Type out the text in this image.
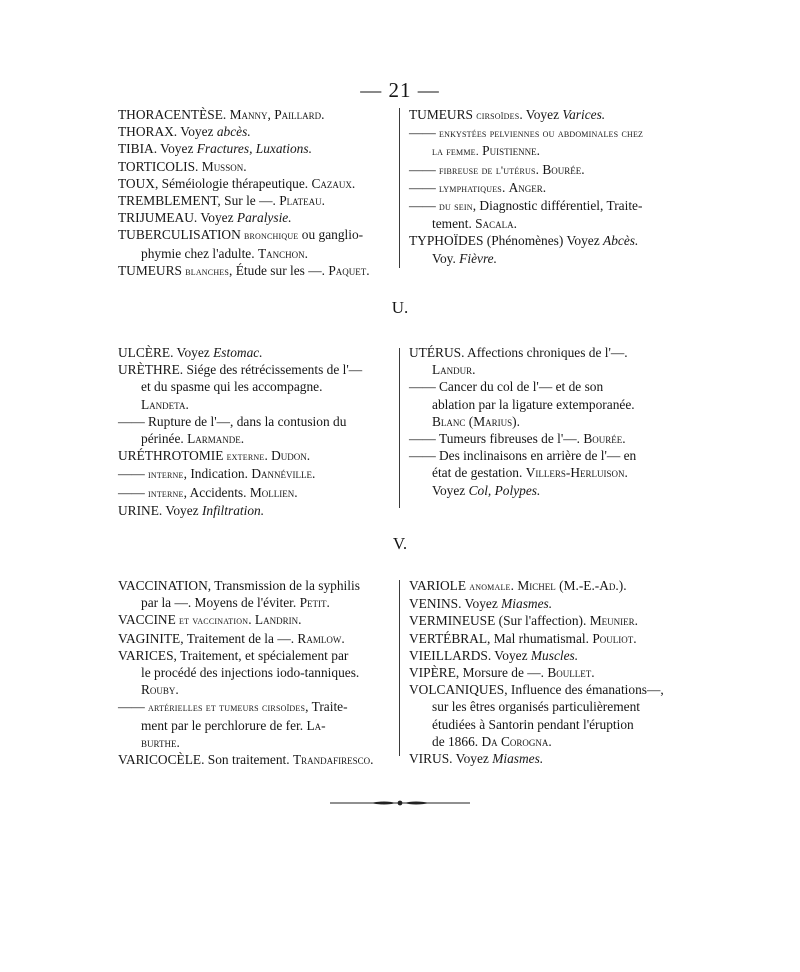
— 21 —
THORACENTÈSE. Manny, Paillard.
THORAX. Voyez abcès.
TIBIA. Voyez Fractures, Luxations.
TORTICOLIS. Musson.
TOUX, Séméiologie thérapeutique. Cazaux.
TREMBLEMENT, Sur le —. Plateau.
TRIJUMEAU. Voyez Paralysie.
TUBERCULISATION bronchique ou ganglio-
phymie chez l'adulte. Tanchon.
TUMEURS blanches, Étude sur les —. Paquet.
TUMEURS cirsoïdes. Voyez Varices.
—— enkystées pelviennes ou abdominales chez
la femme. Puistienne.
—— fibreuse de l'utérus. Bourée.
—— lymphatiques. Anger.
—— du sein, Diagnostic différentiel, Traite-
tement. Sacala.
TYPHOÏDES (Phénomènes) Voyez Abcès.
Voy. Fièvre.
U.
ULCÈRE. Voyez Estomac.
URÈTHRE. Siége des rétrécissements de l'—
et du spasme qui les accompagne.
Landeta.
—— Rupture de l'—, dans la contusion du
périnée. Larmande.
URÉTHROTOMIE externe. Dudon.
—— interne, Indication. Dannéville.
—— interne, Accidents. Mollien.
URINE. Voyez Infiltration.
UTÉRUS. Affections chroniques de l'—.
Landur.
—— Cancer du col de l'— et de son
ablation par la ligature extemporanée.
Blanc (Marius).
—— Tumeurs fibreuses de l'—. Bourée.
—— Des inclinaisons en arrière de l'— en
état de gestation. Villers-Herluison.
Voyez Col, Polypes.
V.
VACCINATION, Transmission de la syphilis
par la —. Moyens de l'éviter. Petit.
VACCINE et vaccination. Landrin.
VAGINITE, Traitement de la —. Ramlow.
VARICES, Traitement, et spécialement par
le procédé des injections iodo-tanniques.
Rouby.
—— artérielles et tumeurs cirsoïdes, Traite-
ment par le perchlorure de fer. La-
burthe.
VARICOCÈLE. Son traitement. Trandafiresco.
VARIOLE anomale. Michel (M.-E.-Ad.).
VENINS. Voyez Miasmes.
VERMINEUSE (Sur l'affection). Meunier.
VERTÉBRAL, Mal rhumatismal. Pouliot.
VIEILLARDS. Voyez Muscles.
VIPÈRE, Morsure de —. Boullet.
VOLCANIQUES, Influence des émanations—,
sur les êtres organisés particulièrement
étudiées à Santorin pendant l'éruption
de 1866. Da Corogna.
VIRUS. Voyez Miasmes.
